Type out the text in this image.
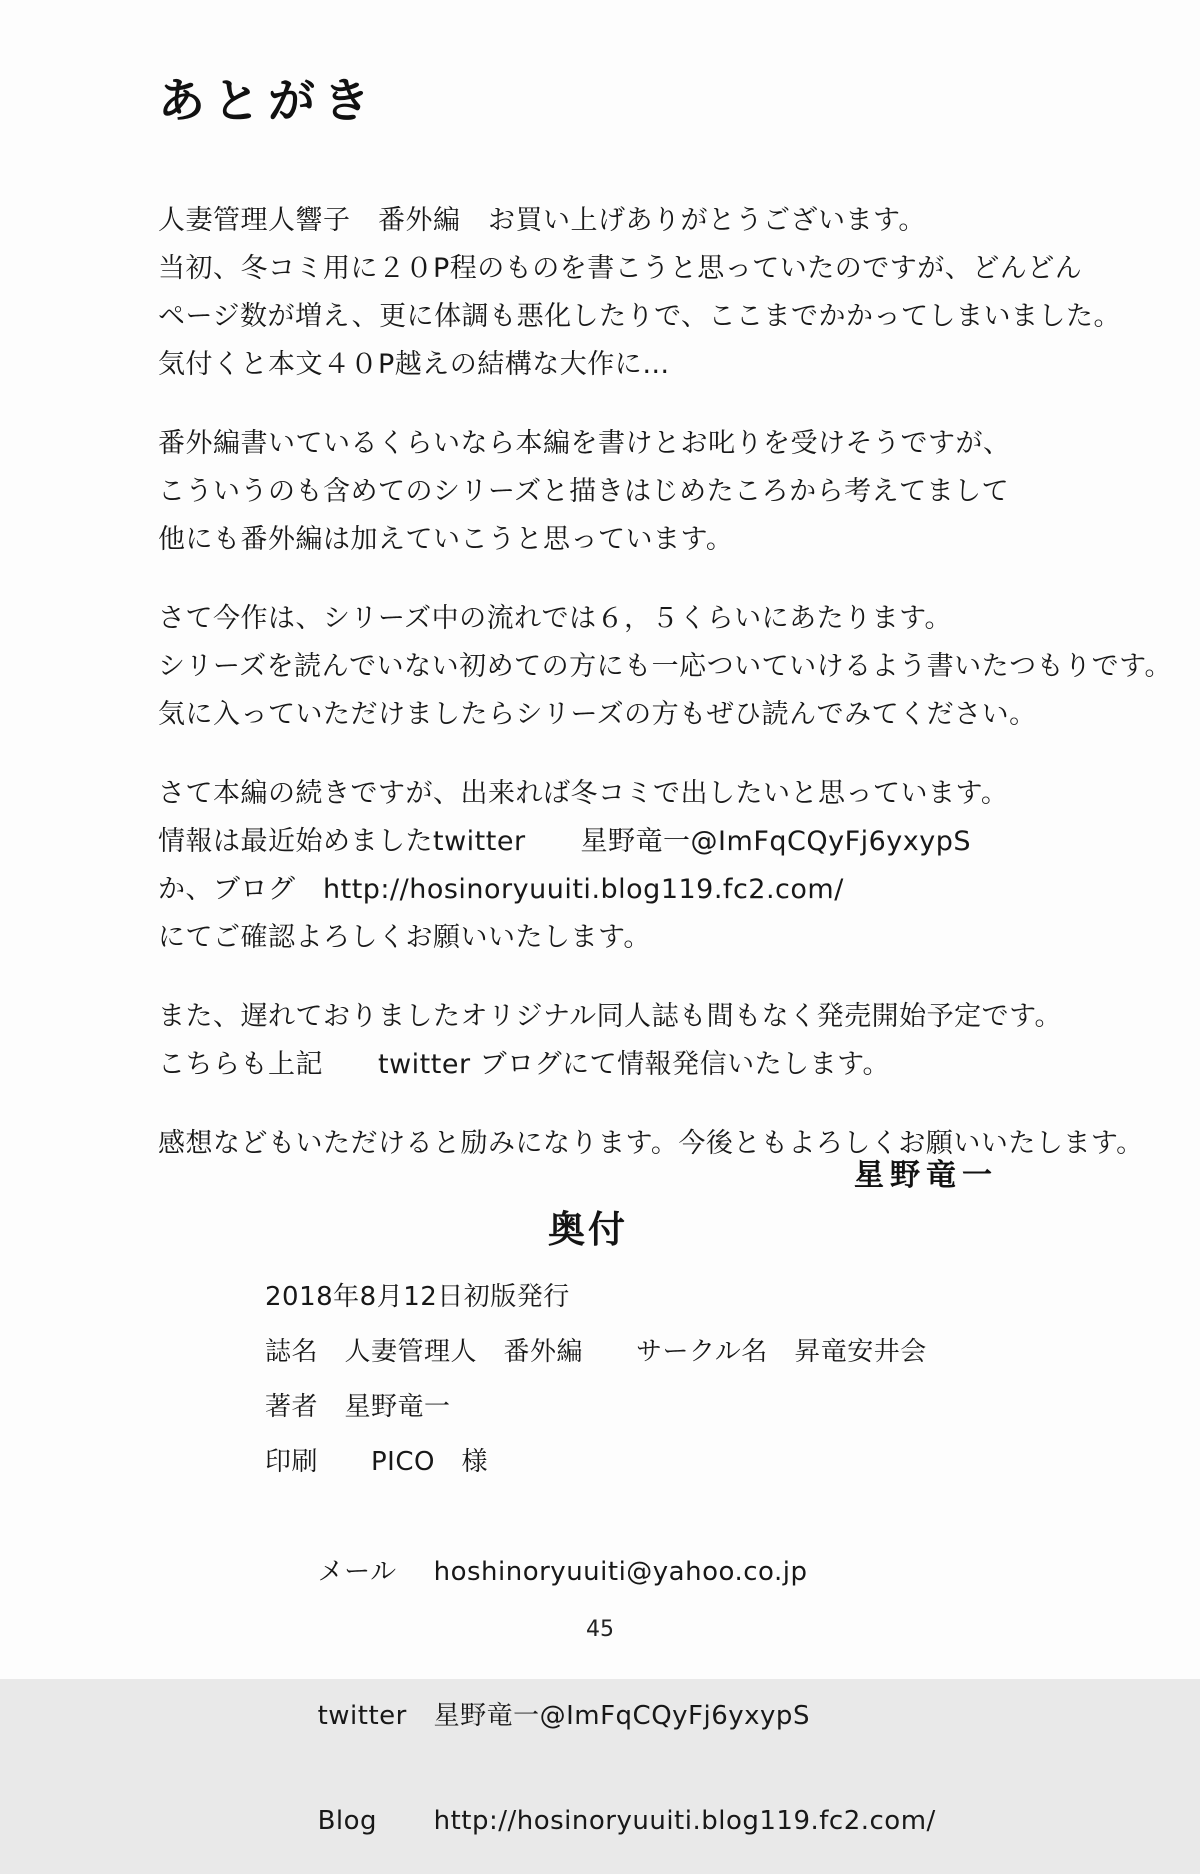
あとがき

人妻管理人響子　番外編　お買い上げありがとうございます。
当初、冬コミ用に２０P程のものを書こうと思っていたのですが、どんどん
ページ数が増え、更に体調も悪化したりで、ここまでかかってしまいました。
気付くと本文４０P越えの結構な大作に…

番外編書いているくらいなら本編を書けとお叱りを受けそうですが、
こういうのも含めてのシリーズと描きはじめたころから考えてまして
他にも番外編は加えていこうと思っています。

さて今作は、シリーズ中の流れでは６，５くらいにあたります。
シリーズを読んでいない初めての方にも一応ついていけるよう書いたつもりです。
気に入っていただけましたらシリーズの方もぜひ読んでみてください。

さて本編の続きですが、出来れば冬コミで出したいと思っています。
情報は最近始めましたtwitter　　星野竜一@ImFqCQyFj6yxypS
か、ブログ　http://hosinoryuuiti.blog119.fc2.com/
にてご確認よろしくお願いいたします。

また、遅れておりましたオリジナル同人誌も間もなく発売開始予定です。
こちらも上記　　twitter ブログにて情報発信いたします。

感想などもいただけると励みになります。今後ともよろしくお願いいたします。

星野竜一
奥付
2018年8月12日初版発行
誌名　人妻管理人　番外編　　サークル名　昇竜安井会
著者　星野竜一
印刷　　PICO　様

メール hoshinoryuuiti@yahoo.co.jp

twitter 星野竜一@ImFqCQyFj6yxypS

Blog http://hosinoryuuiti.blog119.fc2.com/

45
